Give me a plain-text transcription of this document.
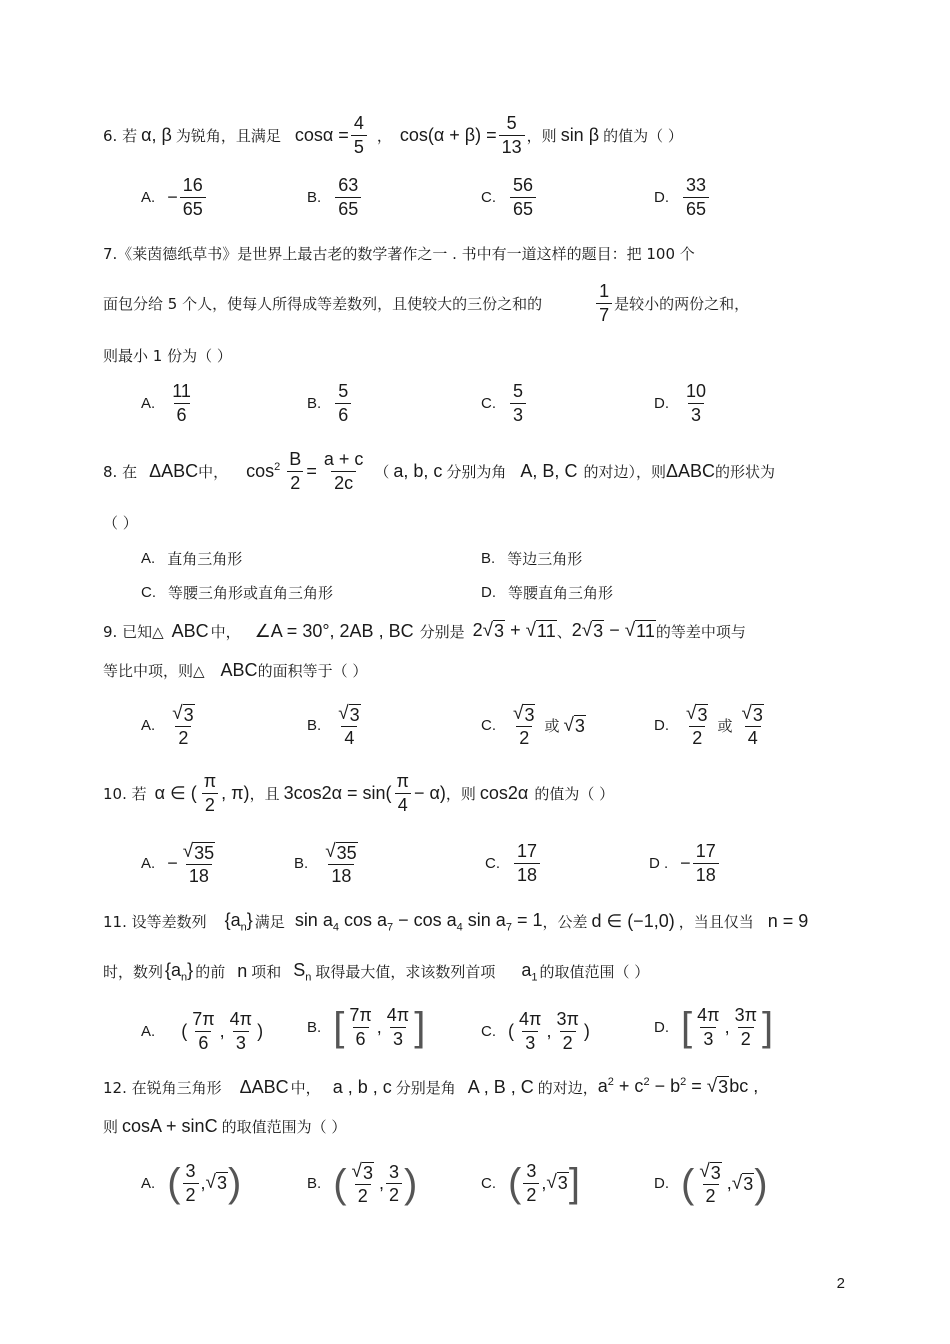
6. 若 α, β 为锐角，且满足 $\cos\alpha = \frac{4}{5}$ ， $\cos(\alpha + \beta) = \frac{5}{13}$ ，则 sin β 的值为（ ）
A. − $\frac{16}{65}$	B. $\frac{63}{65}$	C. $\frac{56}{65}$	D. $\frac{33}{65}$
7.《莱茵德纸草书》是世界上最古老的数学著作之一 . 书中有一道这样的题目：把 100 个
面包分给 5 个人，使每人所得成等差数列，且使较大的三份之和的	$\frac{1}{7}$ 是较小的两份之和，
则最小 1 份为（ ）
A. $\frac{11}{6}$	B. $\frac{5}{6}$	C. $\frac{5}{3}$	D. $\frac{10}{3}$
8. 在 ΔABC 中， $\cos^2 \frac{B}{2} = \frac{a + c}{2c}$ （ a, b, c 分别为角 A, B, C 的对边），则 ΔABC 的形状为
（ ）
A. 直角三角形	B. 等边三角形
C. 等腰三角形或直角三角形	D. 等腰直角三角形
9. 已知△ ABC 中， ∠A = 30°, 2AB , BC 分别是 2 √ 3 + √ 11 、 2 √ 3 − √ 11 的等差中项与
等比中项，则△ ABC 的面积等于（ ）
A. $\frac{√ 3}{2}$	B. $\frac{√ 3}{4}$	C. $\frac{√ 3}{2}$ 或 √ 3	D. $\frac{√ 3}{2}$ 或 $\frac{√ 3}{4}$
10. 若 α ∈ ( $\frac{\pi}{2}$ , π) ，且 $3\cos 2\alpha = \sin( \frac{\pi}{4} - \alpha)$ ，则 cos2α 的值为（ ）
A. − $\frac{√ 35}{18}$	B. $\frac{√ 35}{18}$	C. $\frac{17}{18}$	D . − $\frac{17}{18}$
11. 设等差数列 $\{a_n\}$ 满足 $\sin a_4$ $\cos a_7 - \cos a_4$ $\sin a_7 = 1$ ，公差 d ∈ (−1,0) ，当且仅当 n = 9
时，数列 $\{a_n\}$ 的前 n 项和 $S_n$ 取得最大值，求该数列首项 $a_1$ 的取值范围（ ）
A. ( $\frac{7\pi}{6}$ , $\frac{4\pi}{3}$ )	B. [ $\frac{7\pi}{6}$ , $\frac{4\pi}{3}$ ]	C. ( $\frac{4\pi}{3}$ , $\frac{3\pi}{2}$ )	D. [ $\frac{4\pi}{3}$ , $\frac{3\pi}{2}$ ]
12. 在锐角三角形 ΔABC 中， a , b , c 分别是角 A , B , C 的对边， $a^2 + c^2 - b^2$ = √ 3 bc ,
则 cosA + sinC 的取值范围为（ ）
A. ( $\frac{3}{2}$ , √ 3 )	B. ( $\frac{√ 3}{2}$ , $\frac{3}{2}$ )	C. ( $\frac{3}{2}$ , √ 3 ]	D. ( $\frac{√ 3}{2}$ , √ 3 )
2
